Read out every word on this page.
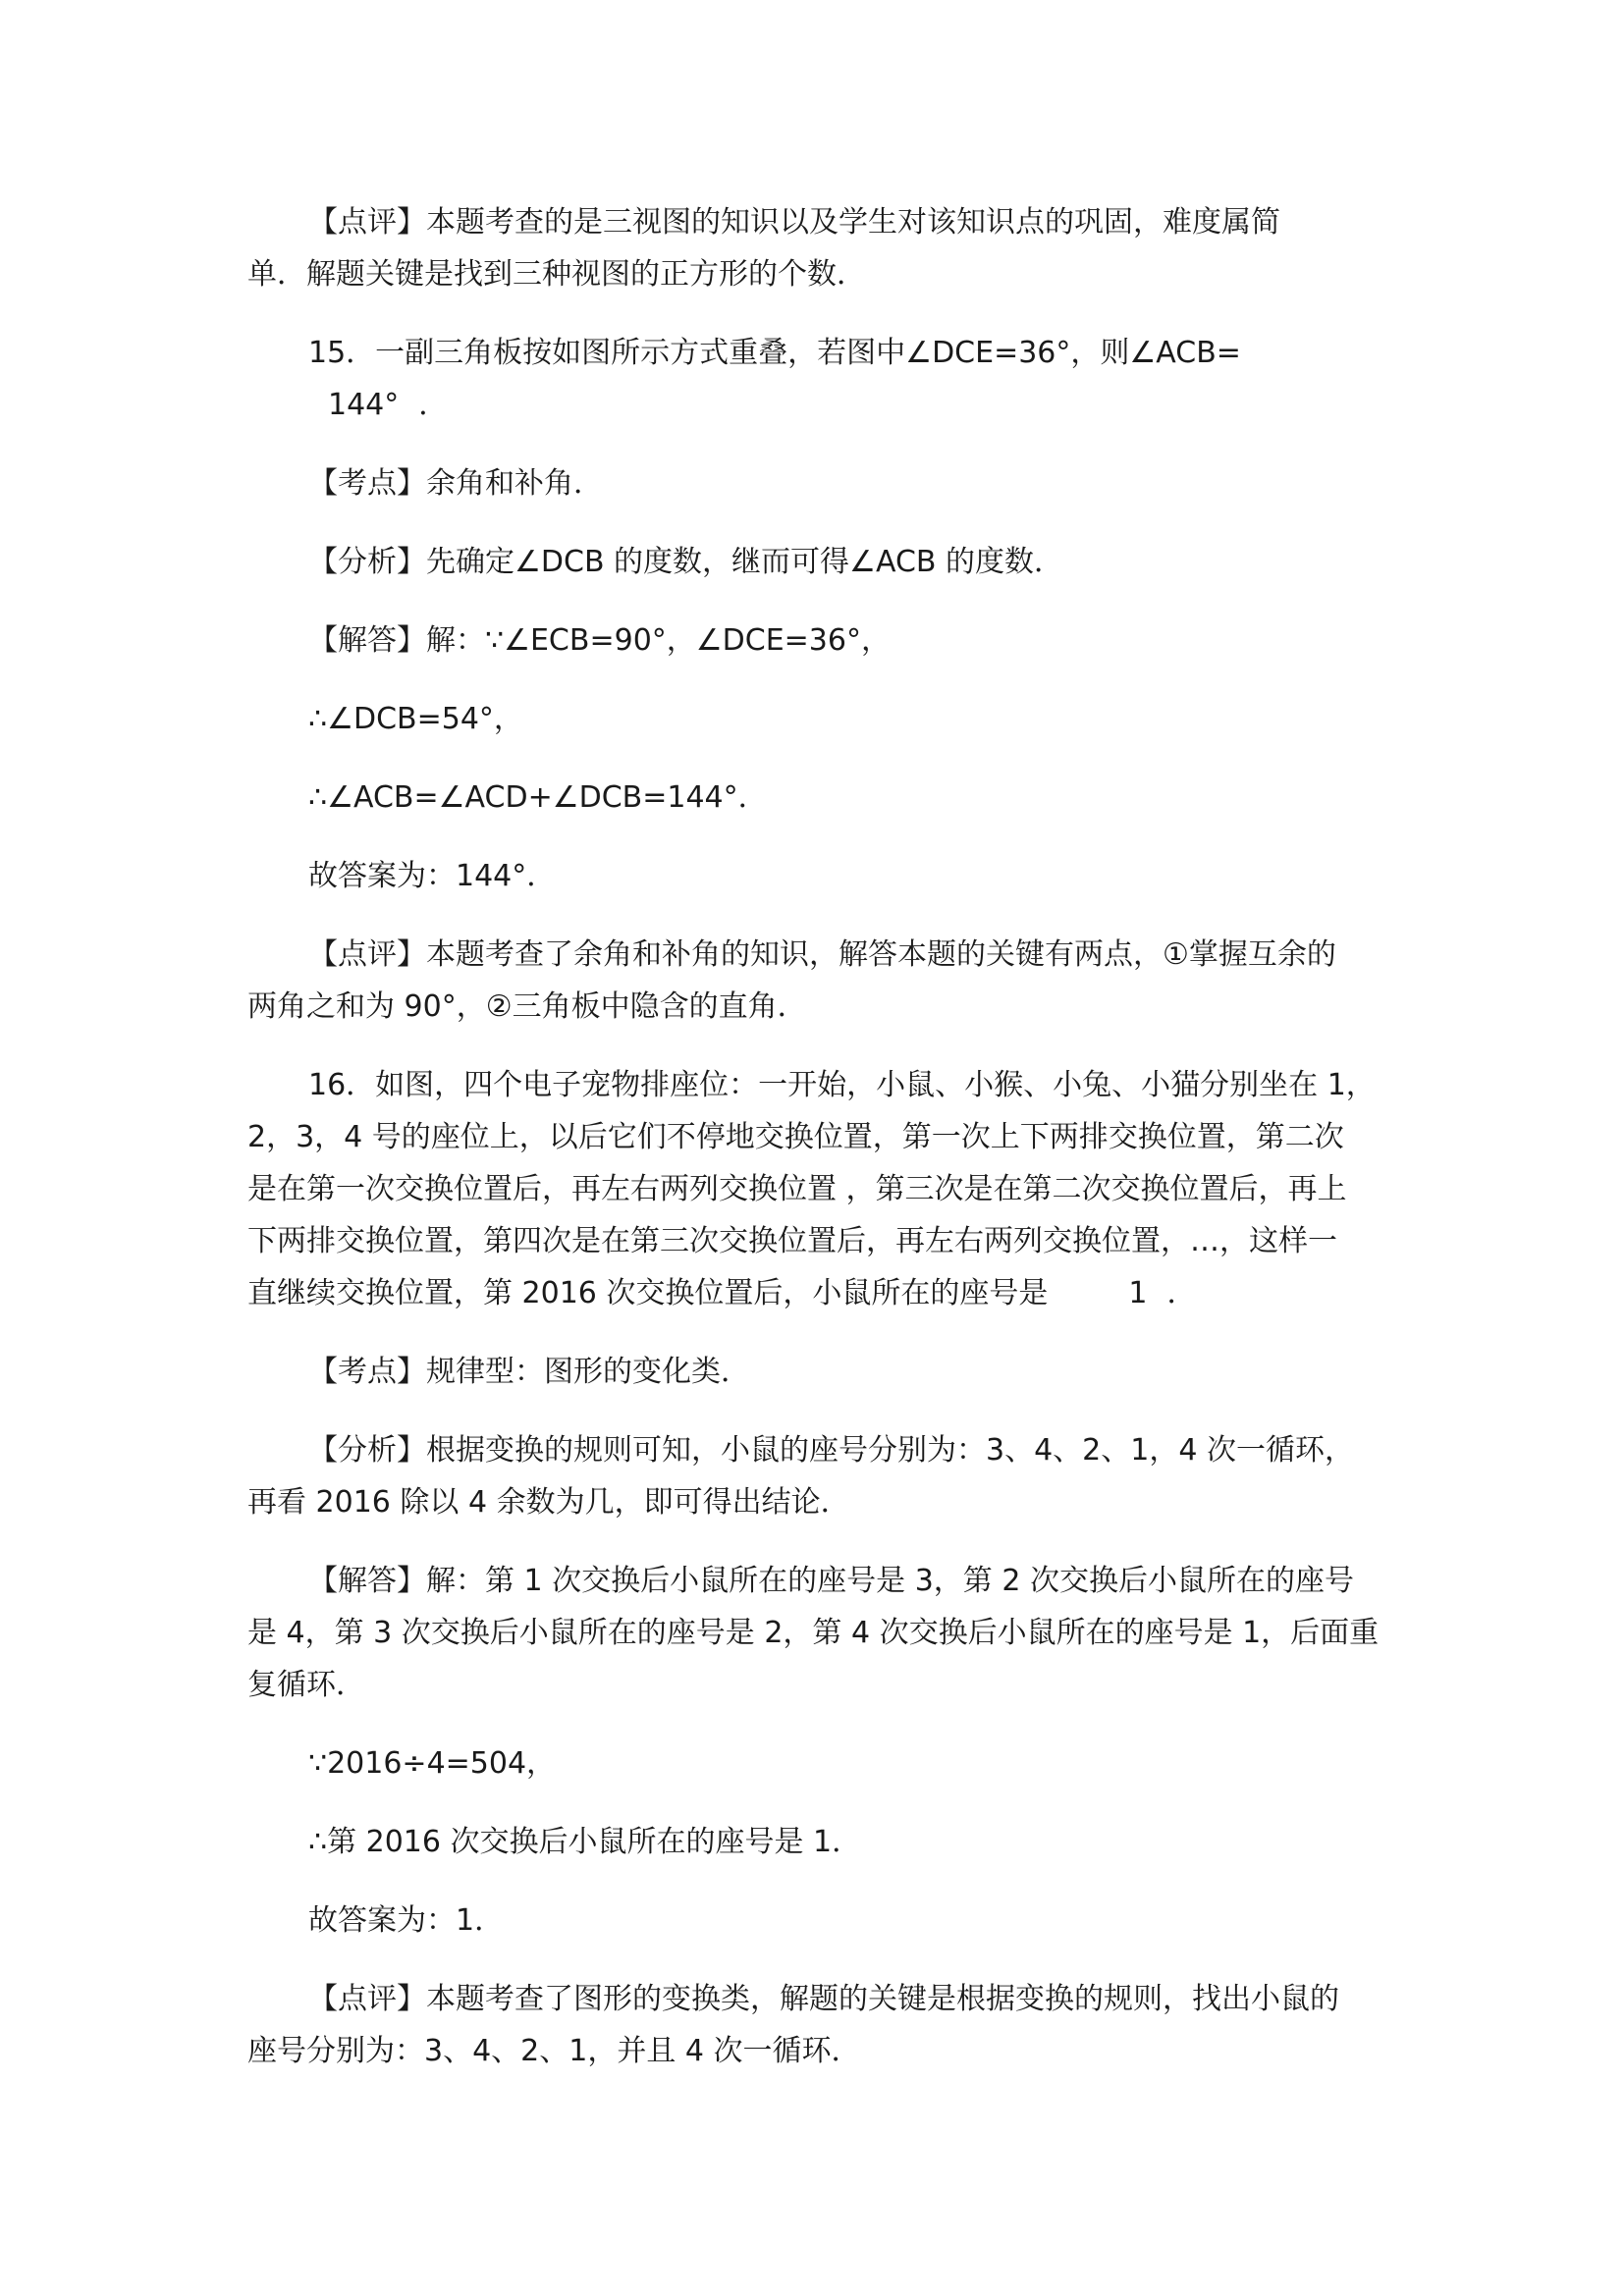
【点评】本题考查的是三视图的知识以及学生对该知识点的巩固，难度属简
单．解题关键是找到三种视图的正方形的个数．

15．一副三角板按如图所示方式重叠，若图中∠DCE=36°，则∠ACB=144° ．

【考点】余角和补角．

【分析】先确定∠DCB 的度数，继而可得∠ACB 的度数．

【解答】解：∵∠ECB=90°，∠DCE=36°，

∴∠DCB=54°，

∴∠ACB=∠ACD+∠DCB=144°．

故答案为：144°．

【点评】本题考查了余角和补角的知识，解答本题的关键有两点，①掌握互余的
两角之和为 90°，②三角板中隐含的直角．

16．如图，四个电子宠物排座位：一开始，小鼠、小猴、小兔、小猫分别坐在 1，
2，3，4 号的座位上，以后它们不停地交换位置，第一次上下两排交换位置，第二次
是在第一次交换位置后，再左右两列交换位置 ，第三次是在第二次交换位置后，再上
下两排交换位置，第四次是在第三次交换位置后，再左右两列交换位置，…，这样一
直继续交换位置，第 2016 次交换位置后，小鼠所在的座号是	1 ．

【考点】规律型：图形的变化类．

【分析】根据变换的规则可知，小鼠的座号分别为：3、4、2、1，4 次一循环，
再看 2016 除以 4 余数为几，即可得出结论．

【解答】解：第 1 次交换后小鼠所在的座号是 3，第 2 次交换后小鼠所在的座号
是 4，第 3 次交换后小鼠所在的座号是 2，第 4 次交换后小鼠所在的座号是 1，后面重
复循环．

∵2016÷4=504，

∴第 2016 次交换后小鼠所在的座号是 1．

故答案为：1．

【点评】本题考查了图形的变换类，解题的关键是根据变换的规则，找出小鼠的
座号分别为：3、4、2、1，并且 4 次一循环．
